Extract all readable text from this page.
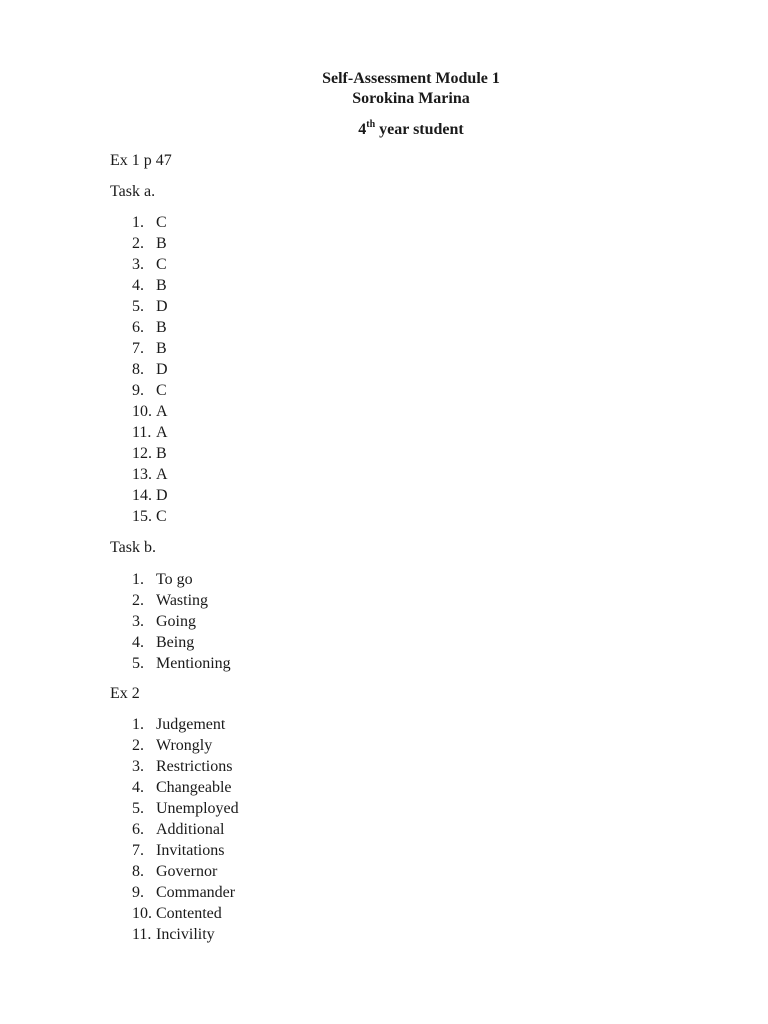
Self-Assessment Module 1
Sorokina Marina
4th year student
Ex 1 p 47
Task a.
1. C
2. B
3. C
4. B
5. D
6. B
7. B
8. D
9. C
10. A
11. A
12. B
13. A
14. D
15. C
Task b.
1. To go
2. Wasting
3. Going
4. Being
5. Mentioning
Ex 2
1. Judgement
2. Wrongly
3. Restrictions
4. Changeable
5. Unemployed
6. Additional
7. Invitations
8. Governor
9. Commander
10. Contented
11. Incivility
